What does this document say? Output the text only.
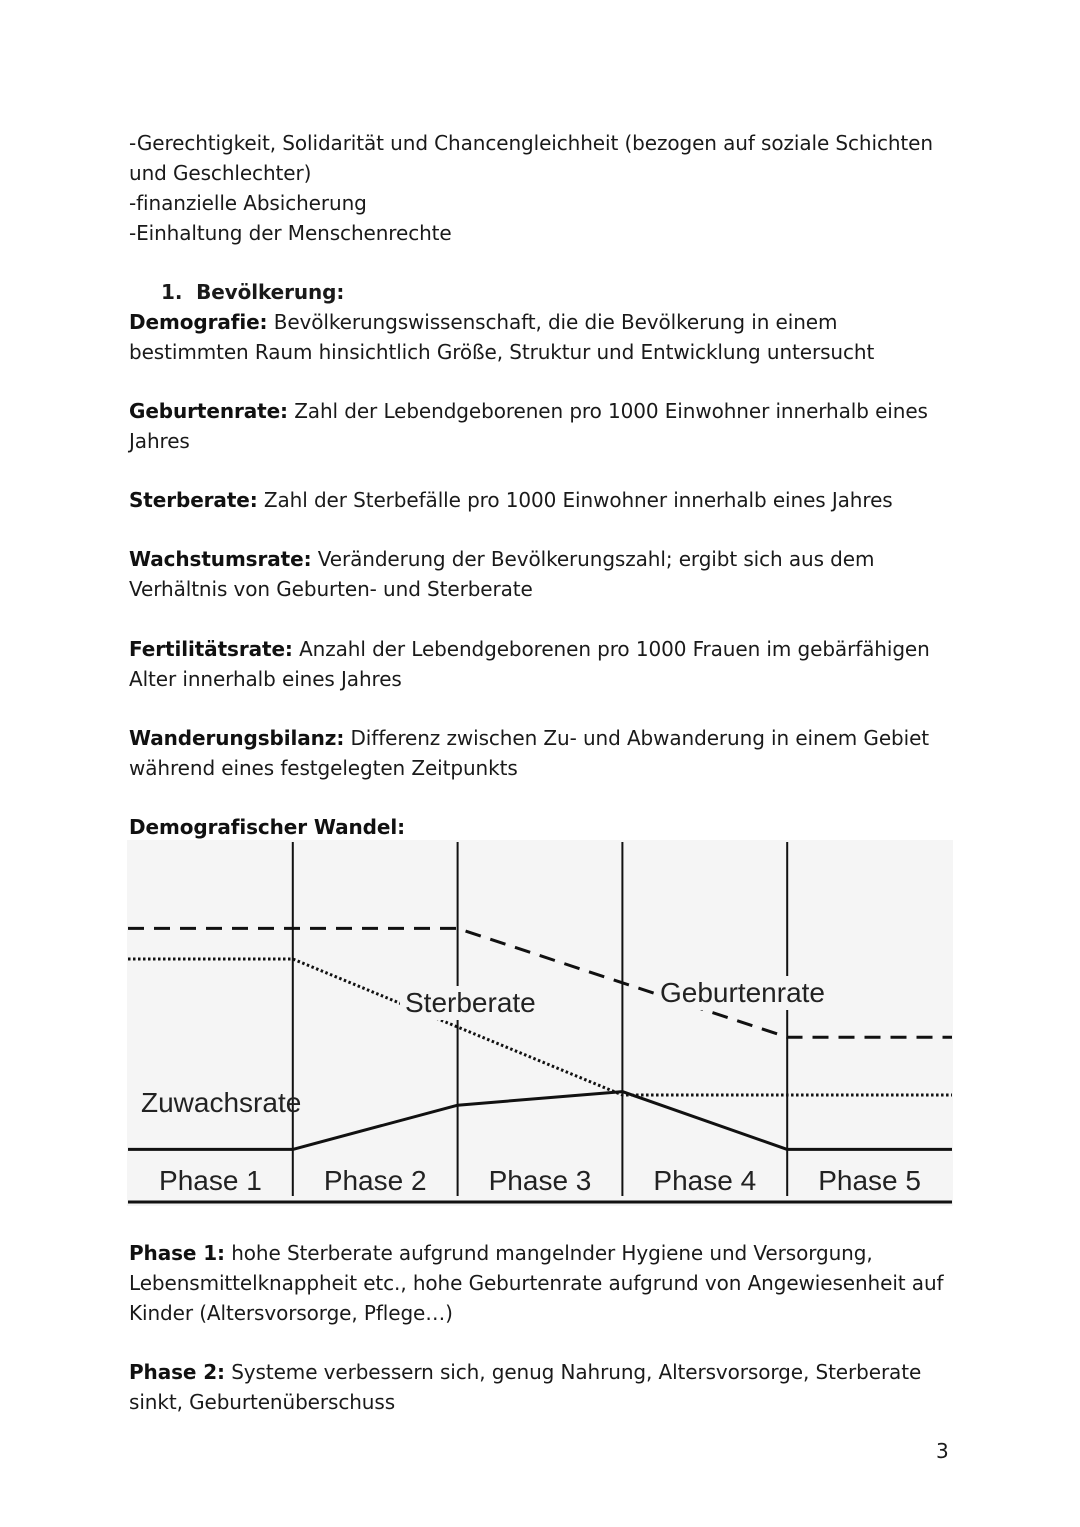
-Gerechtigkeit, Solidarität und Chancengleichheit (bezogen auf soziale Schichten
und Geschlechter)
-finanzielle Absicherung
-Einhaltung der Menschenrechte
1. Bevölkerung:
Demografie: Bevölkerungswissenschaft, die die Bevölkerung in einem
bestimmten Raum hinsichtlich Größe, Struktur und Entwicklung untersucht
Geburtenrate: Zahl der Lebendgeborenen pro 1000 Einwohner innerhalb eines
Jahres
Sterberate: Zahl der Sterbefälle pro 1000 Einwohner innerhalb eines Jahres
Wachstumsrate: Veränderung der Bevölkerungszahl; ergibt sich aus dem
Verhältnis von Geburten- und Sterberate
Fertilitätsrate: Anzahl der Lebendgeborenen pro 1000 Frauen im gebärfähigen
Alter innerhalb eines Jahres
Wanderungsbilanz: Differenz zwischen Zu- und Abwanderung in einem Gebiet
während eines festgelegten Zeitpunkts
Demografischer Wandel:
Phase 1: hohe Sterberate aufgrund mangelnder Hygiene und Versorgung,
Lebensmittelknappheit etc., hohe Geburtenrate aufgrund von Angewiesenheit auf
Kinder (Altersvorsorge, Pflege…)
Phase 2: Systeme verbessern sich, genug Nahrung, Altersvorsorge, Sterberate
sinkt, Geburtenüberschuss
Geburtenrate
Sterberate
Zuwachsrate
Phase 1 Phase 2 Phase 3 Phase 4 Phase 5
3
